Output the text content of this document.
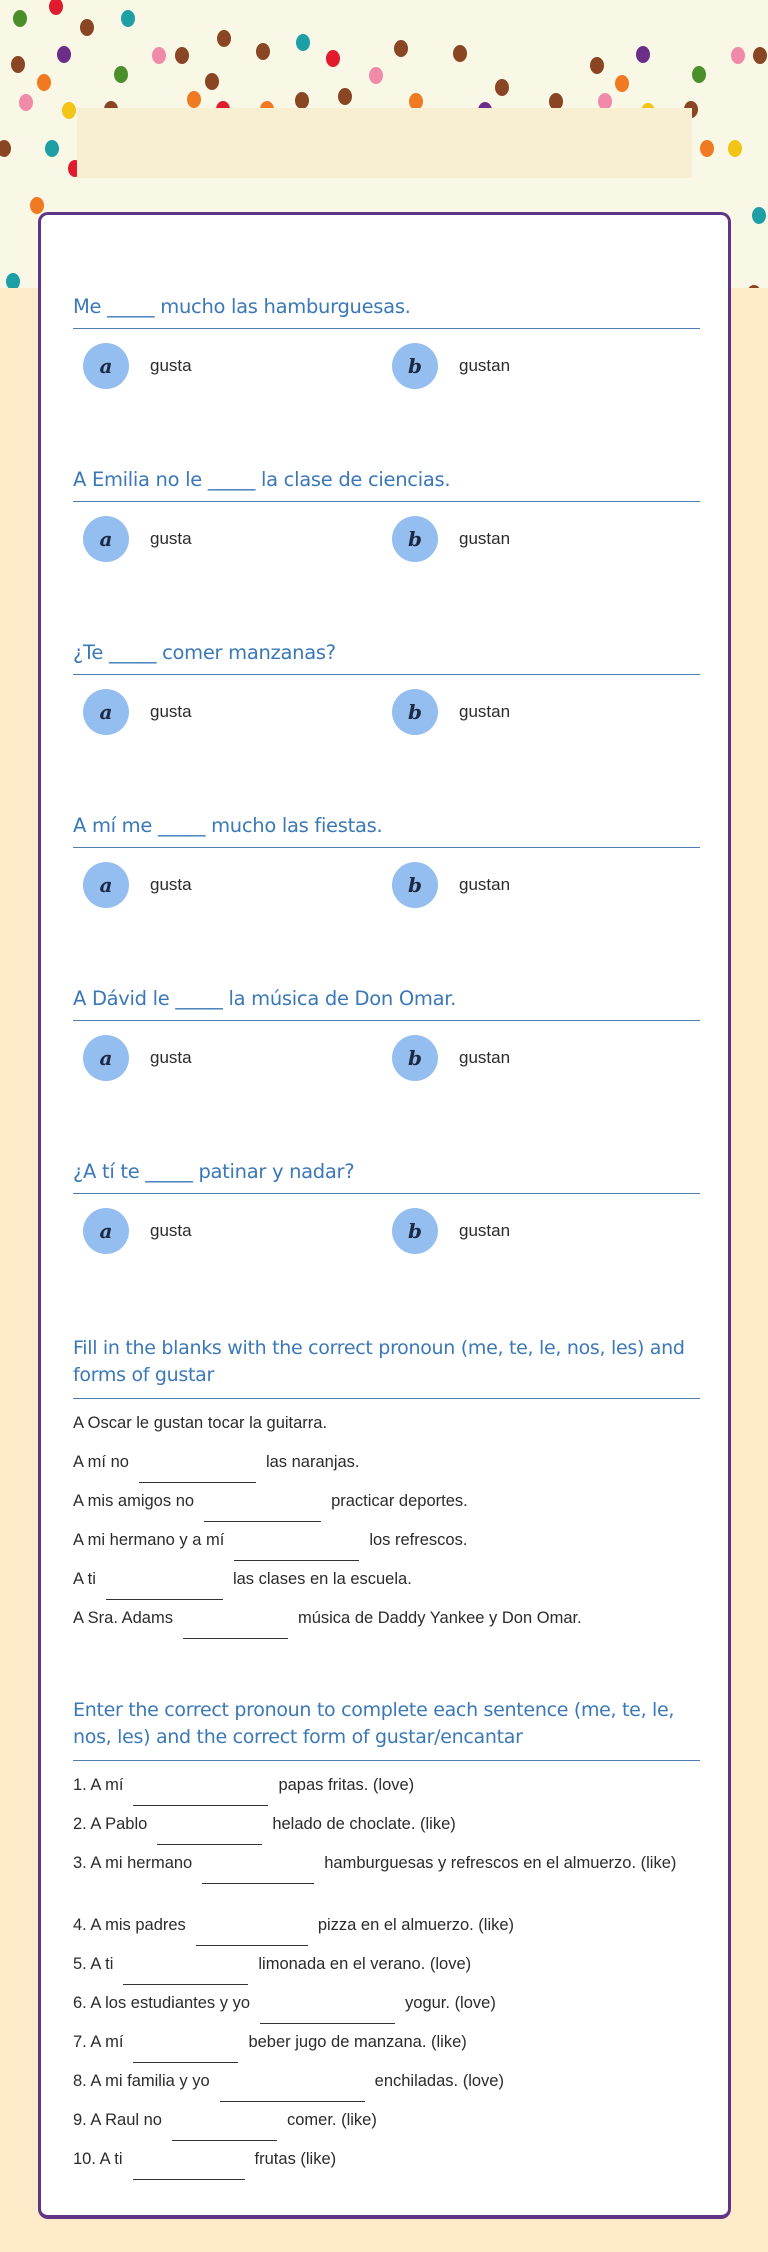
Me _____ mucho las hamburguesas.
a	gusta	b	gustan
A Emilia no le _____ la clase de ciencias.
a	gusta	b	gustan
¿Te _____ comer manzanas?
a	gusta	b	gustan
A mí me _____ mucho las fiestas.
a	gusta	b	gustan
A Dávid le _____ la música de Don Omar.
a	gusta	b	gustan
¿A tí te _____ patinar y nadar?
a	gusta	b	gustan
Fill in the blanks with the correct pronoun (me, te, le, nos, les) and forms of gustar
A Oscar le gustan tocar la guitarra.
A mí no	las naranjas.
A mis amigos no	practicar deportes.
A mi hermano y a mí	los refrescos.
A ti	las clases en la escuela.
A Sra. Adams	música de Daddy Yankee y Don Omar.
Enter the correct pronoun to complete each sentence (me, te, le, nos, les) and the correct form of gustar/encantar
1. A mí	papas fritas. (love)
2. A Pablo	helado de choclate. (like)
3. A mi hermano	hamburguesas y refrescos en el almuerzo. (like)
4. A mis padres	pizza en el almuerzo. (like)
5. A ti	limonada en el verano. (love)
6. A los estudiantes y yo	yogur. (love)
7. A mí	beber jugo de manzana. (like)
8. A mi familia y yo	enchiladas. (love)
9. A Raul no	comer. (like)
10. A ti	frutas (like)
